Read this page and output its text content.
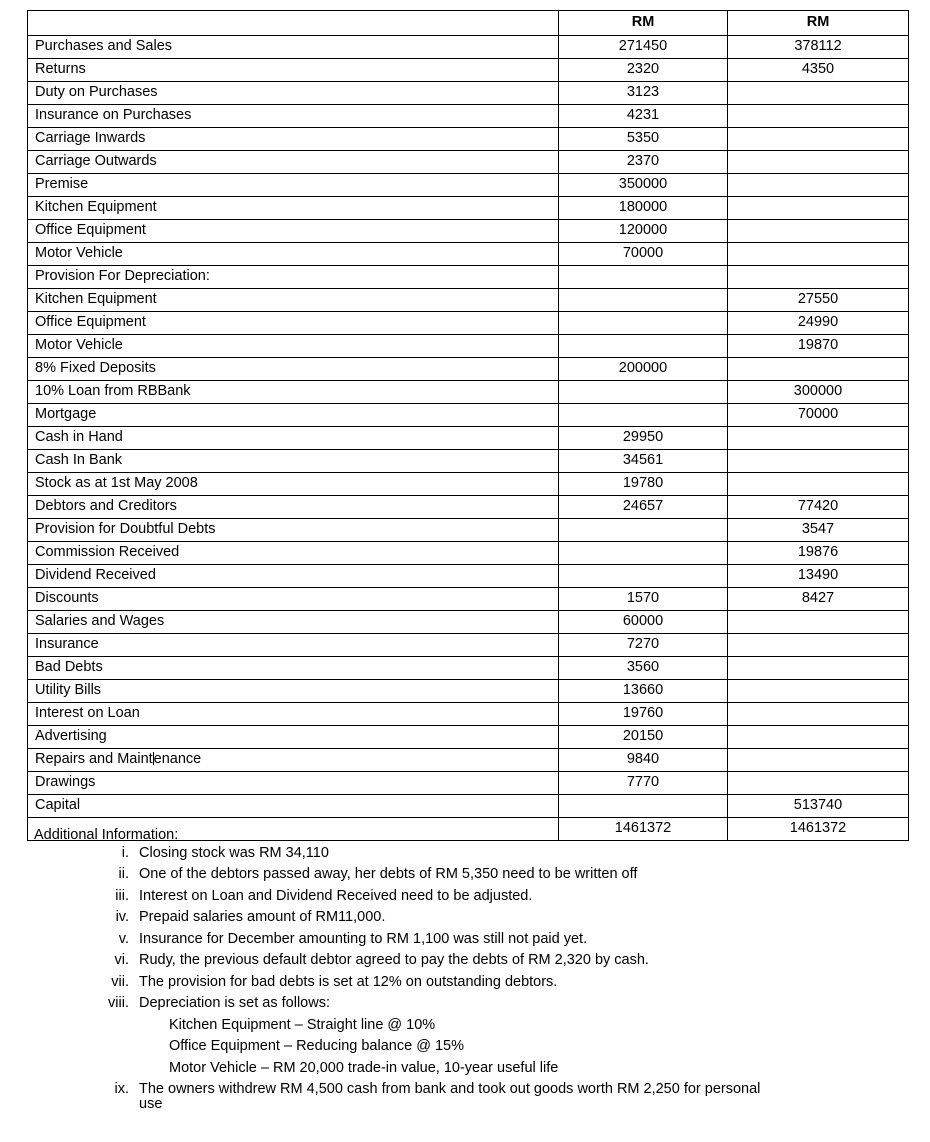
	RM	RM
Purchases and Sales	271450	378112
Returns	2320	4350
Duty on Purchases	3123	
Insurance on Purchases	4231	
Carriage Inwards	5350	
Carriage Outwards	2370	
Premise	350000	
Kitchen Equipment	180000	
Office Equipment	120000	
Motor Vehicle	70000	
Provision For Depreciation:		
Kitchen Equipment		27550
Office Equipment		24990
Motor Vehicle		19870
8% Fixed Deposits	200000	
10% Loan from RBBank		300000
Mortgage		70000
Cash in Hand	29950	
Cash In Bank	34561	
Stock as at 1st May 2008	19780	
Debtors and Creditors	24657	77420
Provision for Doubtful Debts		3547
Commission Received		19876
Dividend Received		13490
Discounts	1570	8427
Salaries and Wages	60000	
Insurance	7270	
Bad Debts	3560	
Utility Bills	13660	
Interest on Loan	19760	
Advertising	20150	
Repairs and Maintenance	9840	
Drawings	7770	
Capital		513740
	1461372	1461372
Additional Information:
i. Closing stock was RM 34,110
ii. One of the debtors passed away, her debts of RM 5,350 need to be written off
iii. Interest on Loan and Dividend Received need to be adjusted.
iv. Prepaid salaries amount of RM11,000.
v. Insurance for December amounting to RM 1,100 was still not paid yet.
vi. Rudy, the previous default debtor agreed to pay the debts of RM 2,320 by cash.
vii. The provision for bad debts is set at 12% on outstanding debtors.
viii. Depreciation is set as follows:
Kitchen Equipment – Straight line @ 10%
Office Equipment – Reducing balance @ 15%
Motor Vehicle – RM 20,000 trade-in value, 10-year useful life
ix. The owners withdrew RM 4,500 cash from bank and took out goods worth RM 2,250 for personal
use
